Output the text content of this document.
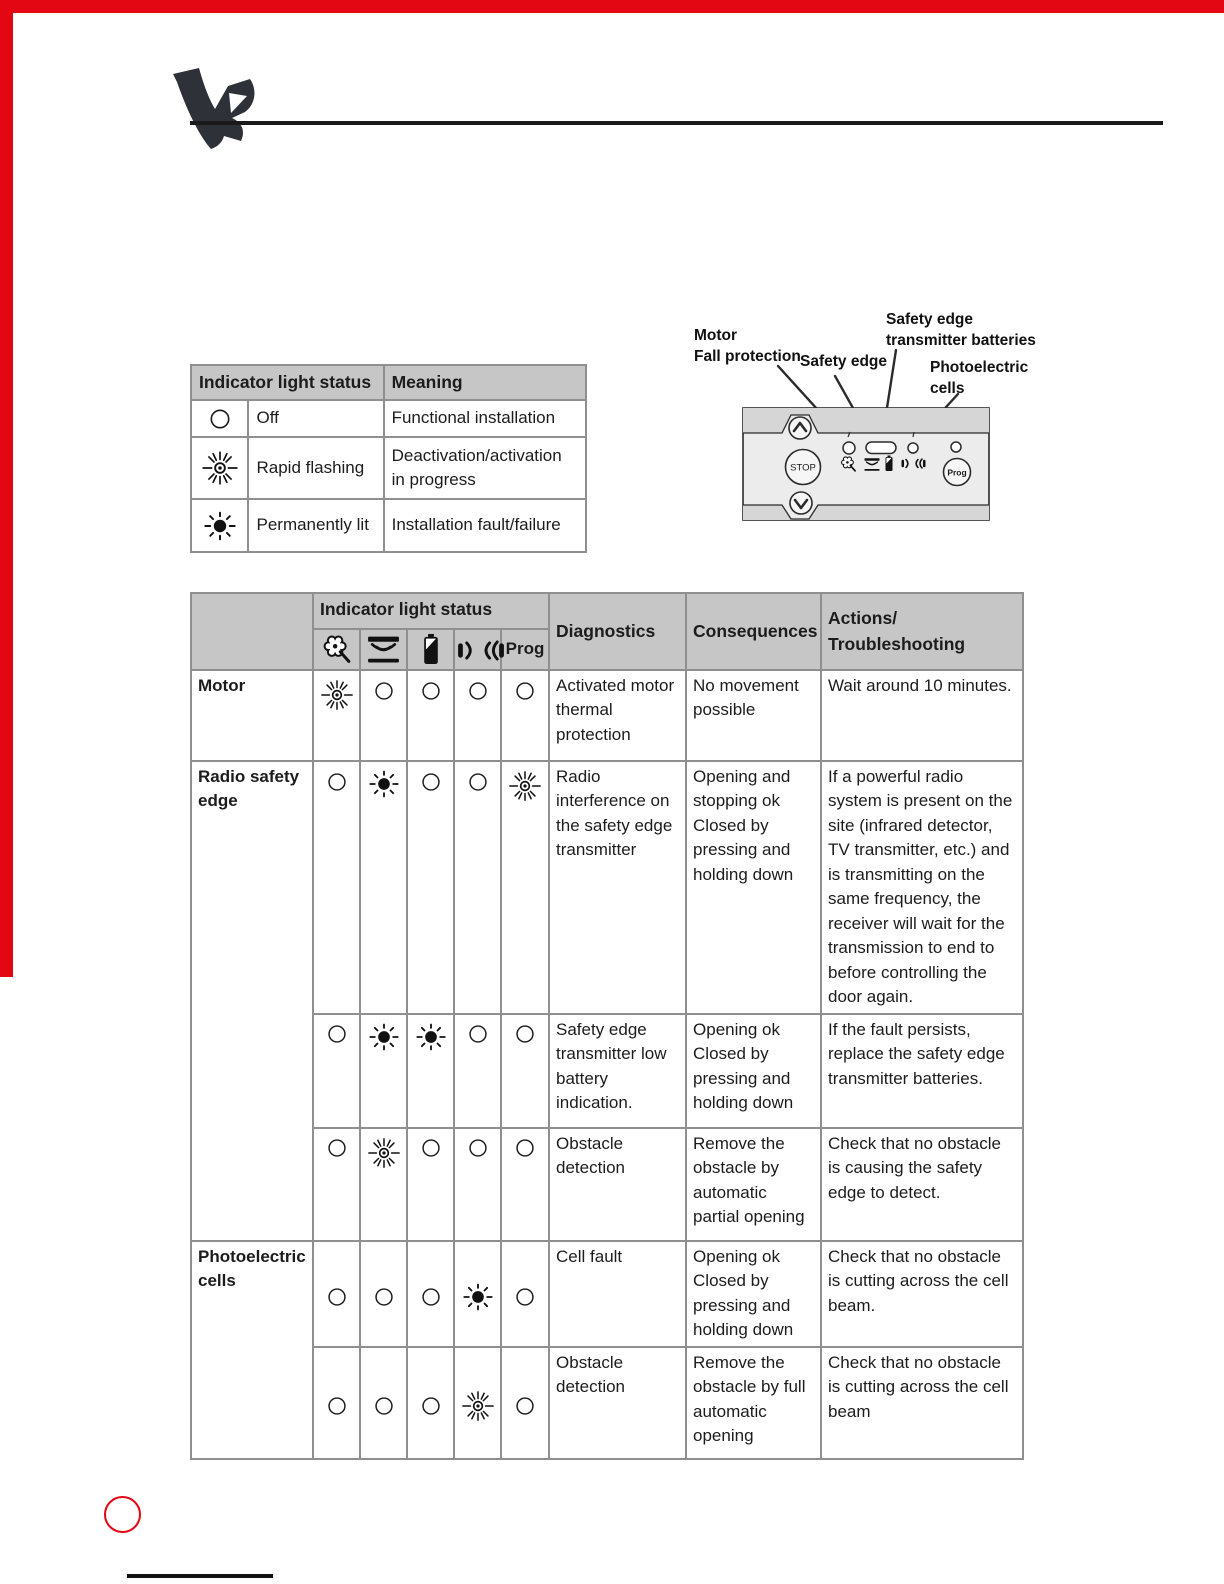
Indicator light status		Meaning
	Off	Functional installation
	Rapid flashing	Deactivation/activation in progress
	Permanently lit	Installation fault/failure
Motor
Fall protection Safety edge
Safety edge
transmitter batteries
Photoelectric
cells
STOP	Prog
	Indicator light status					Diagnostics	Consequences	Actions/
Troubleshooting

				Prog			
Motor						Activated motor thermal protection	No movement possible	Wait around 10 minutes.
Radio safety edge						Radio interference on the safety edge transmitter	Opening and stopping ok Closed by pressing and holding down	If a powerful radio system is present on the site (infrared detector, TV transmitter, etc.) and is transmitting on the same frequency, the receiver will wait for the transmission to end to before controlling the door again.
					Safety edge transmitter low battery indication.	Opening ok Closed by pressing and holding down	If the fault persists, replace the safety edge transmitter batteries.
					Obstacle detection	Remove the obstacle by automatic partial opening	Check that no obstacle is causing the safety edge to detect.
Photoelectric cells						Cell fault	Opening ok Closed by pressing and holding down	Check that no obstacle is cutting across the cell beam.
					Obstacle detection	Remove the obstacle by full automatic opening	Check that no obstacle is cutting across the cell beam
